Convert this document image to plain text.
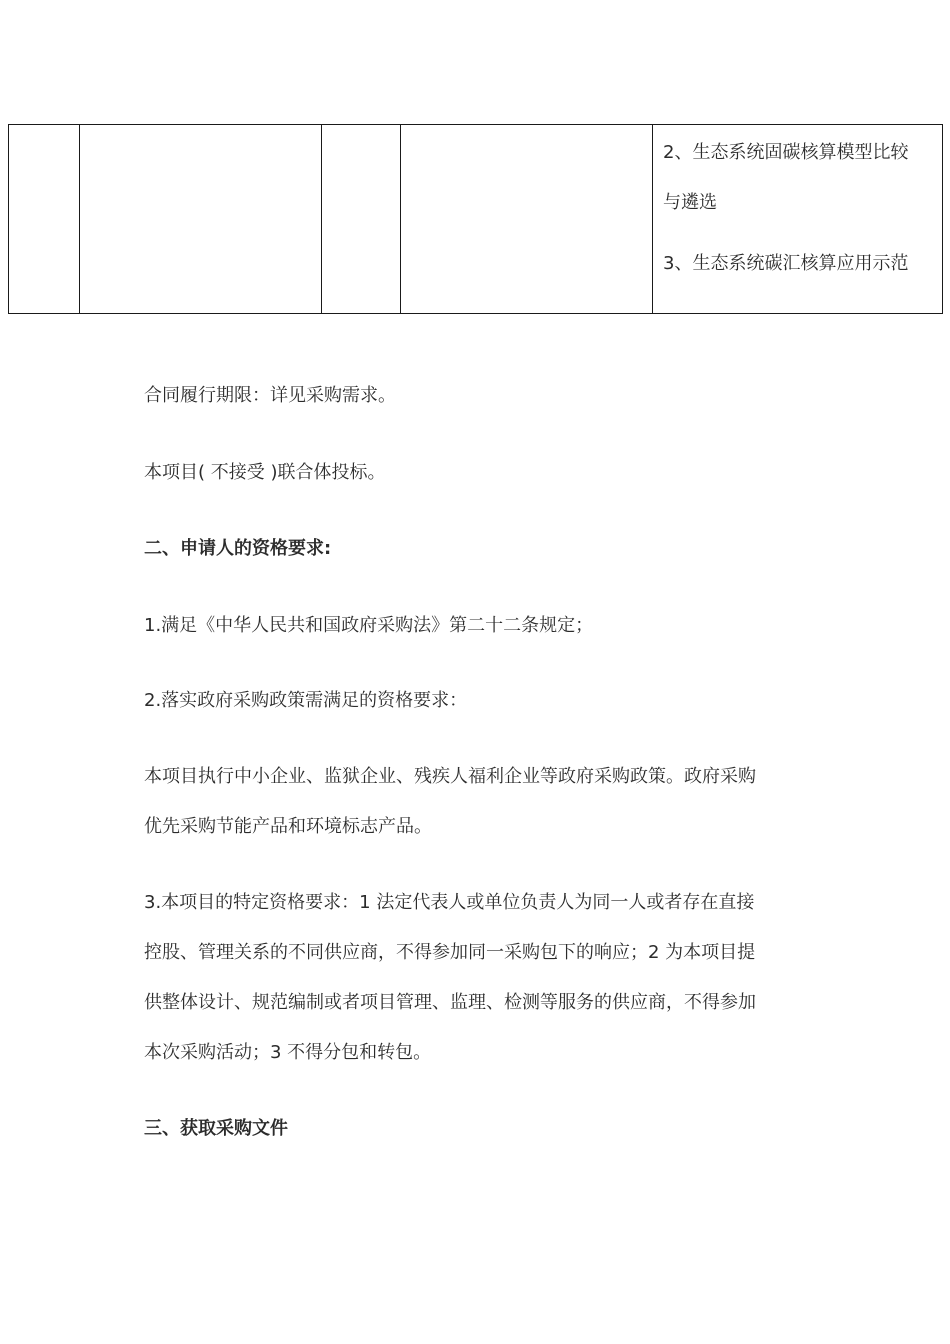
2、生态系统固碳核算模型比较
与遴选
3、生态系统碳汇核算应用示范
合同履行期限：详见采购需求。
本项目( 不接受 )联合体投标。
二、申请人的资格要求:
1.满足《中华人民共和国政府采购法》第二十二条规定；
2.落实政府采购政策需满足的资格要求：
本项目执行中小企业、监狱企业、残疾人福利企业等政府采购政策。政府采购
优先采购节能产品和环境标志产品。
3.本项目的特定资格要求：1 法定代表人或单位负责人为同一人或者存在直接
控股、管理关系的不同供应商，不得参加同一采购包下的响应；2 为本项目提
供整体设计、规范编制或者项目管理、监理、检测等服务的供应商，不得参加
本次采购活动；3 不得分包和转包。
三、获取采购文件
